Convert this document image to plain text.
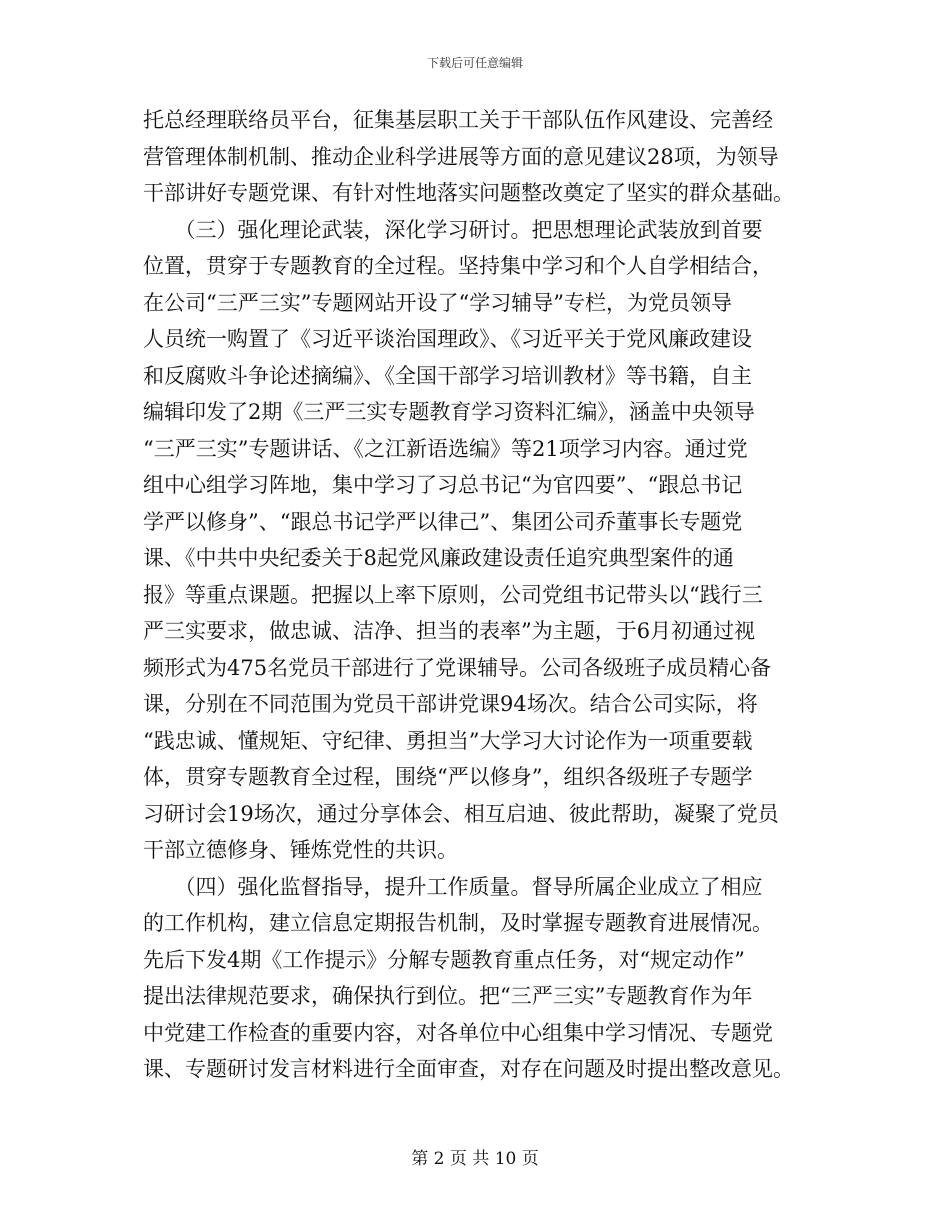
下载后可任意编辑
托总经理联络员平台，征集基层职工关于干部队伍作风建设、完善经
营管理体制机制、推动企业科学进展等方面的意见建议28项，为领导
干部讲好专题党课、有针对性地落实问题整改奠定了坚实的群众基础。
　　（三）强化理论武装，深化学习研讨。把思想理论武装放到首要
位置，贯穿于专题教育的全过程。坚持集中学习和个人自学相结合，
在公司“三严三实”专题网站开设了“学习辅导”专栏，为党员领导
人员统一购置了《习近平谈治国理政》、《习近平关于党风廉政建设
和反腐败斗争论述摘编》、《全国干部学习培训教材》等书籍，自主
编辑印发了2期《三严三实专题教育学习资料汇编》，涵盖中央领导
“三严三实”专题讲话、《之江新语选编》等21项学习内容。通过党
组中心组学习阵地，集中学习了习总书记“为官四要”、“跟总书记
学严以修身”、“跟总书记学严以律己”、集团公司乔董事长专题党
课、《中共中央纪委关于8起党风廉政建设责任追究典型案件的通
报》等重点课题。把握以上率下原则，公司党组书记带头以“践行三
严三实要求，做忠诚、洁净、担当的表率”为主题，于6月初通过视
频形式为475名党员干部进行了党课辅导。公司各级班子成员精心备
课，分别在不同范围为党员干部讲党课94场次。结合公司实际，将
“践忠诚、懂规矩、守纪律、勇担当”大学习大讨论作为一项重要载
体，贯穿专题教育全过程，围绕“严以修身”，组织各级班子专题学
习研讨会19场次，通过分享体会、相互启迪、彼此帮助，凝聚了党员
干部立德修身、锤炼党性的共识。
　　（四）强化监督指导，提升工作质量。督导所属企业成立了相应
的工作机构，建立信息定期报告机制，及时掌握专题教育进展情况。
先后下发4期《工作提示》分解专题教育重点任务，对“规定动作”
提出法律规范要求，确保执行到位。把“三严三实”专题教育作为年
中党建工作检查的重要内容，对各单位中心组集中学习情况、专题党
课、专题研讨发言材料进行全面审查，对存在问题及时提出整改意见。
第 2 页 共 10 页
